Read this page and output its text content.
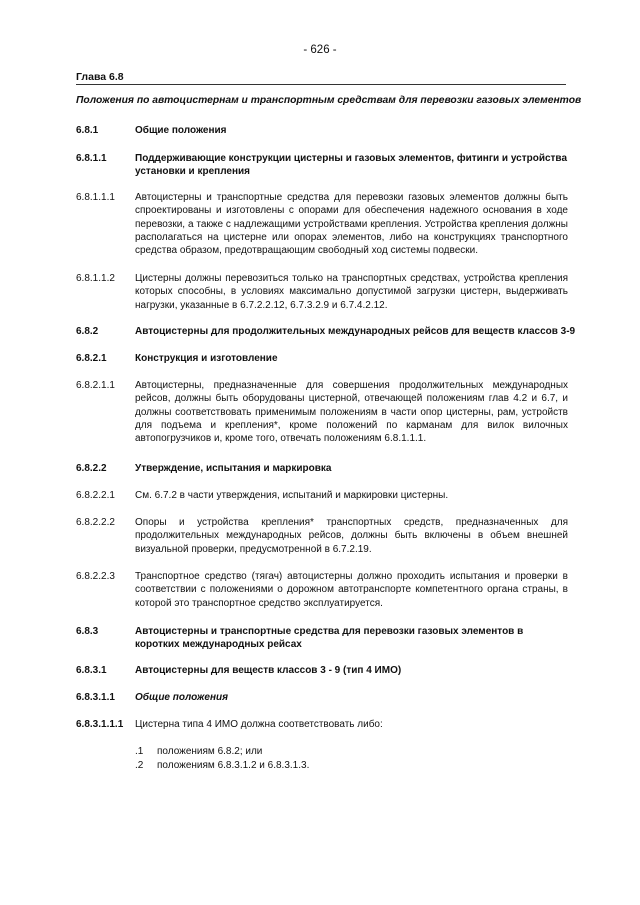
- 626 -
Глава 6.8
Положения по автоцистернам и транспортным средствам для перевозки газовых элементов
6.8.1	Общие положения
6.8.1.1	Поддерживающие конструкции цистерны и газовых элементов, фитинги и устройства установки и крепления
6.8.1.1.1	Автоцистерны и транспортные средства для перевозки газовых элементов должны быть спроектированы и изготовлены с опорами для обеспечения надежного основания в ходе перевозки, а также с надлежащими устройствами крепления. Устройства крепления должны располагаться на цистерне или опорах элементов, либо на конструкциях транспортного средства образом, предотвращающим свободный ход системы подвески.
6.8.1.1.2	Цистерны должны перевозиться только на транспортных средствах, устройства крепления которых способны, в условиях максимально допустимой загрузки цистерн, выдерживать нагрузки, указанные в 6.7.2.2.12, 6.7.3.2.9 и 6.7.4.2.12.
6.8.2	Автоцистерны для продолжительных международных рейсов для веществ классов 3-9
6.8.2.1	Конструкция и изготовление
6.8.2.1.1	Автоцистерны, предназначенные для совершения продолжительных международных рейсов, должны быть оборудованы цистерной, отвечающей положениям глав 4.2 и 6.7, и должны соответствовать применимым положениям в части опор цистерны, рам, устройств для подъема и крепления*, кроме положений по карманам для вилок вилочных автопогрузчиков и, кроме того, отвечать положениям 6.8.1.1.1.
6.8.2.2	Утверждение, испытания и маркировка
6.8.2.2.1	См. 6.7.2 в части утверждения, испытаний и маркировки цистерны.
6.8.2.2.2	Опоры и устройства крепления* транспортных средств, предназначенных для продолжительных международных рейсов, должны быть включены в объем внешней визуальной проверки, предусмотренной в 6.7.2.19.
6.8.2.2.3	Транспортное средство (тягач) автоцистерны должно проходить испытания и проверки в соответствии с положениями о дорожном автотранспорте компетентного органа страны, в которой это транспортное средство эксплуатируется.
6.8.3	Автоцистерны и транспортные средства для перевозки газовых элементов в коротких международных рейсах
6.8.3.1	Автоцистерны для веществ классов 3 - 9 (тип 4 ИМО)
6.8.3.1.1	Общие положения
6.8.3.1.1.1	Цистерна типа 4 ИМО должна соответствовать либо:
.1 положениям 6.8.2; или
.2 положениям 6.8.3.1.2 и 6.8.3.1.3.
